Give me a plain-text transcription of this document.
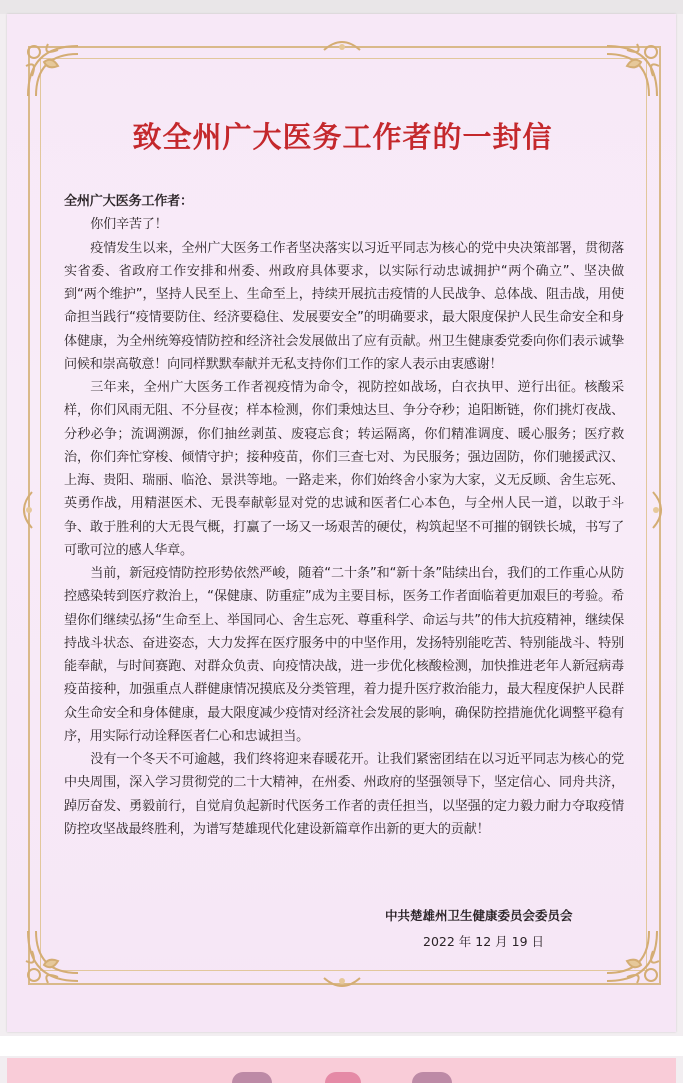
致全州广大医务工作者的一封信

全州广大医务工作者：

你们辛苦了！

疫情发生以来，全州广大医务工作者坚决落实以习近平同志为核心的党中央决策部署，贯彻落实省委、省政府工作安排和州委、州政府具体要求，以实际行动忠诚拥护“两个确立”、坚决做到“两个维护”，坚持人民至上、生命至上，持续开展抗击疫情的人民战争、总体战、阻击战，用使命担当践行“疫情要防住、经济要稳住、发展要安全”的明确要求，最大限度保护人民生命安全和身体健康，为全州统筹疫情防控和经济社会发展做出了应有贡献。州卫生健康委党委向你们表示诚挚问候和崇高敬意！向同样默默奉献并无私支持你们工作的家人表示由衷感谢！

三年来，全州广大医务工作者视疫情为命令，视防控如战场，白衣执甲、逆行出征。核酸采样，你们风雨无阻、不分昼夜；样本检测，你们秉烛达旦、争分夺秒；追阳断链，你们挑灯夜战、分秒必争；流调溯源，你们抽丝剥茧、废寝忘食；转运隔离，你们精准调度、暖心服务；医疗救治，你们奔忙穿梭、倾情守护；接种疫苗，你们三查七对、为民服务；强边固防，你们驰援武汉、上海、贵阳、瑞丽、临沧、景洪等地。一路走来，你们始终舍小家为大家，义无反顾、舍生忘死、英勇作战，用精湛医术、无畏奉献彰显对党的忠诚和医者仁心本色，与全州人民一道，以敢于斗争、敢于胜利的大无畏气概，打赢了一场又一场艰苦的硬仗，构筑起坚不可摧的钢铁长城，书写了可歌可泣的感人华章。

当前，新冠疫情防控形势依然严峻，随着“二十条”和“新十条”陆续出台，我们的工作重心从防控感染转到医疗救治上，“保健康、防重症”成为主要目标，医务工作者面临着更加艰巨的考验。希望你们继续弘扬“生命至上、举国同心、舍生忘死、尊重科学、命运与共”的伟大抗疫精神，继续保持战斗状态、奋进姿态，大力发挥在医疗服务中的中坚作用，发扬特别能吃苦、特别能战斗、特别能奉献，与时间赛跑、对群众负责、向疫情决战，进一步优化核酸检测，加快推进老年人新冠病毒疫苗接种，加强重点人群健康情况摸底及分类管理，着力提升医疗救治能力，最大程度保护人民群众生命安全和身体健康，最大限度减少疫情对经济社会发展的影响，确保防控措施优化调整平稳有序，用实际行动诠释医者仁心和忠诚担当。

没有一个冬天不可逾越，我们终将迎来春暖花开。让我们紧密团结在以习近平同志为核心的党中央周围，深入学习贯彻党的二十大精神，在州委、州政府的坚强领导下，坚定信心、同舟共济，踔厉奋发、勇毅前行，自觉肩负起新时代医务工作者的责任担当，以坚强的定力毅力耐力夺取疫情防控攻坚战最终胜利，为谱写楚雄现代化建设新篇章作出新的更大的贡献！

中共楚雄州卫生健康委员会委员会
2022 年 12 月 19 日
